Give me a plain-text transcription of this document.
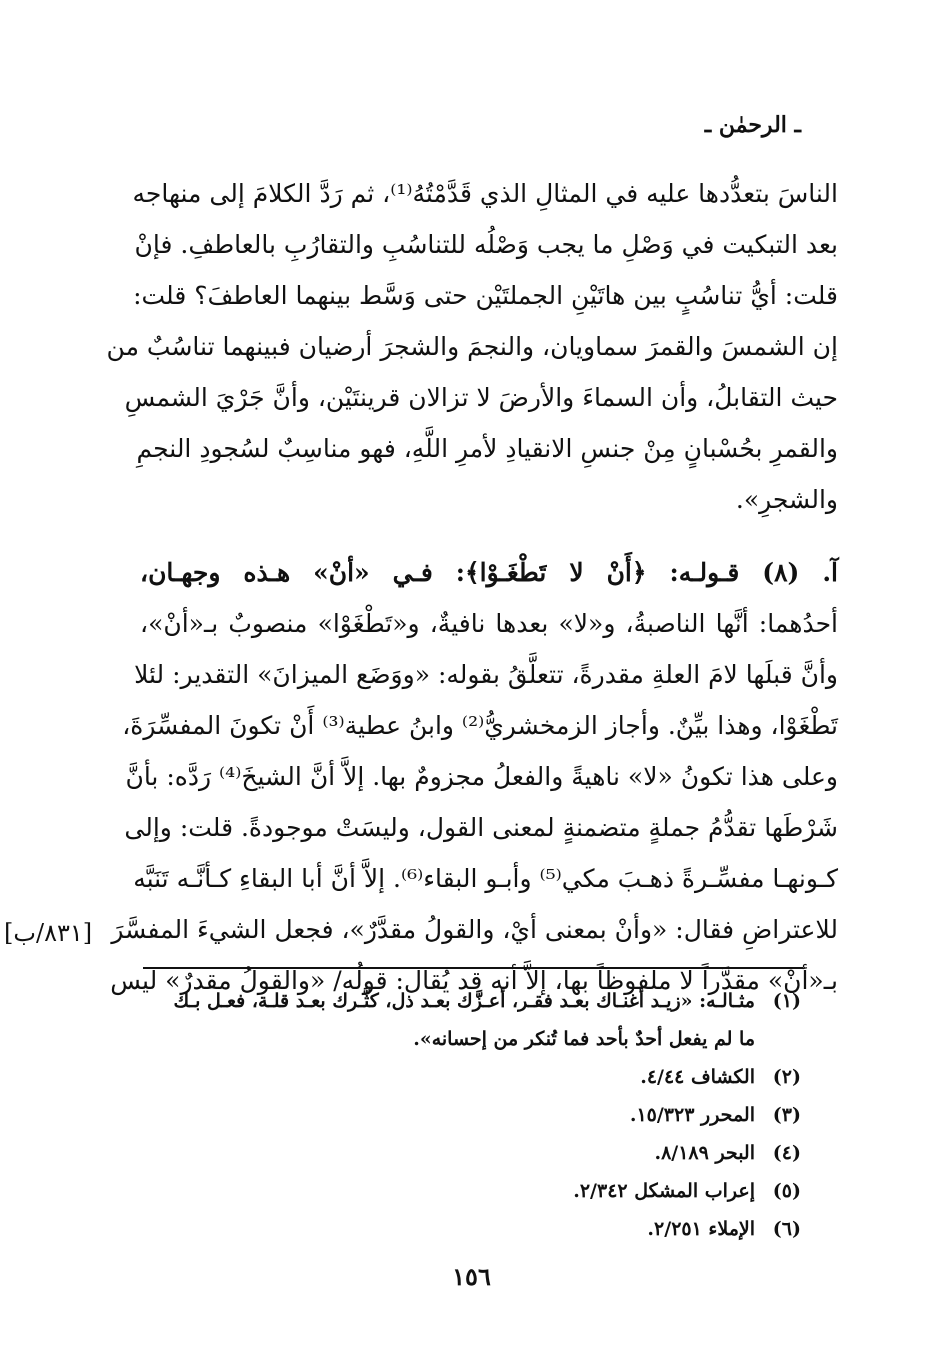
ـ الرحمٰن ـ
الناسَ بتعدُّدها عليه في المثالِ الذي قَدَّمْتُهُ⁽¹⁾، ثم رَدَّ الكلامَ إلى منهاجه
بعد التبكيت في وَصْلِ ما يجب وَصْلُه للتناسُبِ والتقارُبِ بالعاطفِ. فإنْ
قلت: أيُّ تناسُبٍ بين هاتَيْنِ الجملتَيْن حتى وَسَّط بينهما العاطفَ؟ قلت:
إن الشمسَ والقمرَ سماويان، والنجمَ والشجرَ أرضيان فبينهما تناسُبٌ من
حيث التقابلُ، وأن السماءَ والأرضَ لا تزالان قرينتَيْن، وأنَّ جَرْيَ الشمسِ
والقمرِ بحُسْبانٍ مِنْ جنسِ الانقيادِ لأمرِ اللَّهِ، فهو مناسِبٌ لسُجودِ النجمِ
والشجرِ».
آ. (٨) قـولـه: ﴿أَنْ لا تَطْغَـوْا﴾: فـي «أنْ» هـذه وجهـان،
أحدُهما: أنَّها الناصبةُ، و«لا» بعدها نافيةٌ، و«تَطْغَوْا» منصوبٌ بـ«أنْ»،
وأنَّ قبلَها لامَ العلةِ مقدرةً، تتعلَّقُ بقوله: «ووَضَع الميزانَ» التقدير: لئلا
تَطْغَوْا، وهذا بيِّنٌ. وأجاز الزمخشريُّ⁽²⁾ وابنُ عطية⁽³⁾ أَنْ تكونَ المفسِّرَةَ،
وعلى هذا تكونُ «لا» ناهيةً والفعلُ مجزومٌ بها. إلاَّ أنَّ الشيخَ⁽⁴⁾ رَدَّه: بأنَّ
شَرْطَها تقدُّمُ جملةٍ متضمنةٍ لمعنى القول، وليسَتْ موجودةً. قلت: وإلى
كـونهـا مفسِّـرةً ذهـبَ مكي⁽⁵⁾ وأبـو البقاء⁽⁶⁾. إلاَّ أنَّ أبا البقاءِ كـأنَّـه تَنَبَّه
للاعتراضِ فقال: «وأنْ بمعنى أيْ، والقولُ مقدَّرٌ»، فجعل الشيءَ المفسَّرَ
بـ«أنْ» مقدَّراً لا ملفوظاً بها، إلاَّ أنه قد يُقال: قولُه/ «والقولُ مقدرٌ» ليس
[٨٣١/ب]
(١)
مثـالـه: «زيـد أغنـاك بعـد فقـر، أعـزَّك بعـد ذل، كثَّـرك بعـد قلـة، فعـل بـك
ما لم يفعل أحدٌ بأحد فما تُنكر من إحسانه».
(٢)
الكشاف ٤/٤٤.
(٣)
المحرر ١٥/٣٢٣.
(٤)
البحر ٨/١٨٩.
(٥)
إعراب المشكل ٢/٣٤٢.
(٦)
الإملاء ٢/٢٥١.
١٥٦
